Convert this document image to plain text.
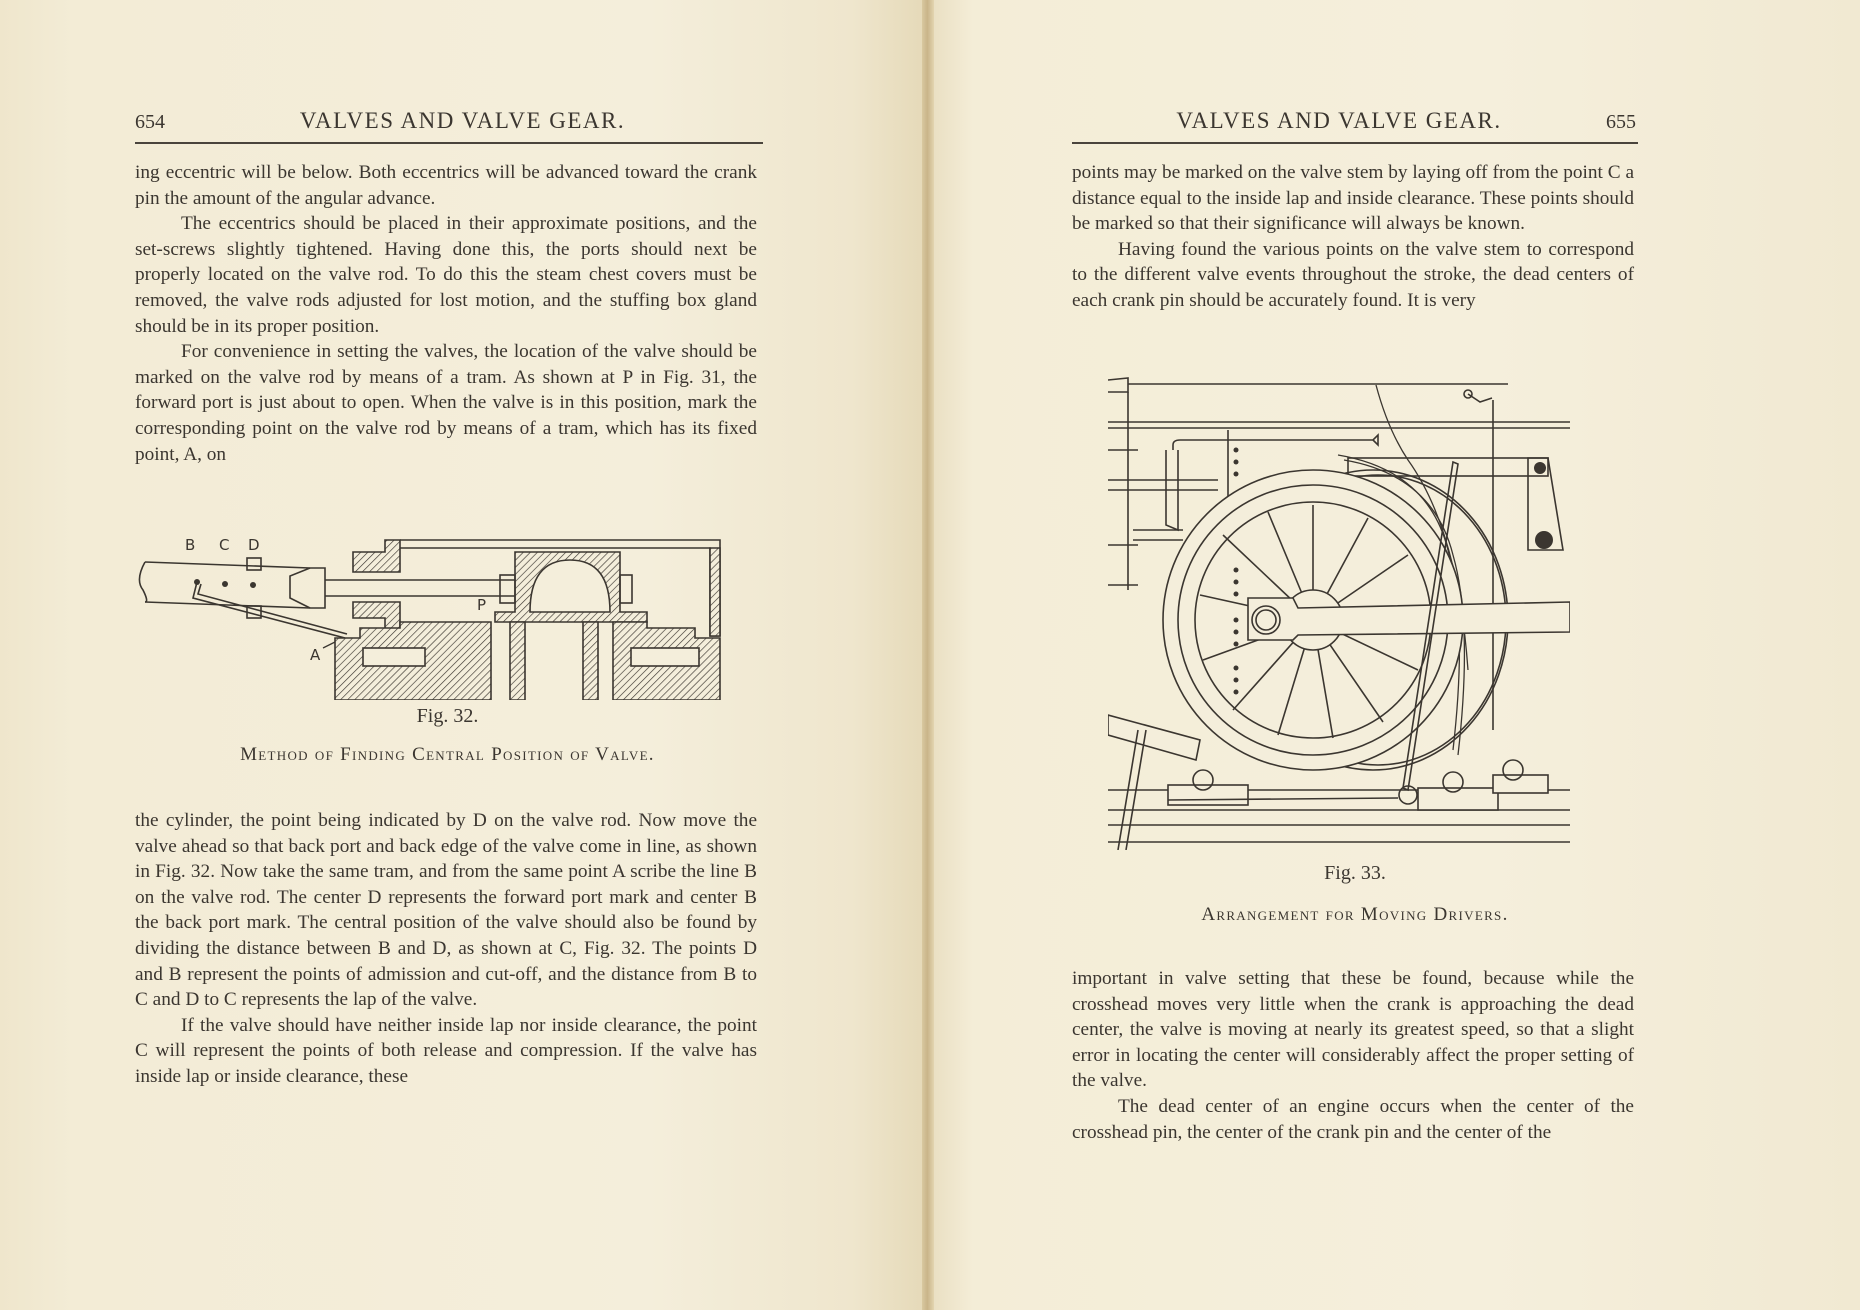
654	VALVES AND VALVE GEAR.

ing eccentric will be below. Both eccentrics will be advanced toward the crank pin the amount of the angular advance.

The eccentrics should be placed in their approximate positions, and the set-screws slightly tightened. Having done this, the ports should next be properly located on the valve rod. To do this the steam chest covers must be removed, the valve rods adjusted for lost motion, and the stuffing box gland should be in its proper position.

For convenience in setting the valves, the location of the valve should be marked on the valve rod by means of a tram. As shown at P in Fig. 31, the forward port is just about to open. When the valve is in this position, mark the corresponding point on the valve rod by means of a tram, which has its fixed point, A, on

B C D
A
P
Fig. 32.
Method of Finding Central Position of Valve.

the cylinder, the point being indicated by D on the valve rod. Now move the valve ahead so that back port and back edge of the valve come in line, as shown in Fig. 32. Now take the same tram, and from the same point A scribe the line B on the valve rod. The center D represents the forward port mark and center B the back port mark. The central position of the valve should also be found by dividing the distance between B and D, as shown at C, Fig. 32. The points D and B represent the points of admission and cut-off, and the distance from B to C and D to C represents the lap of the valve.

If the valve should have neither inside lap nor inside clearance, the point C will represent the points of both release and compression. If the valve has inside lap or inside clearance, these

VALVES AND VALVE GEAR.	655

points may be marked on the valve stem by laying off from the point C a distance equal to the inside lap and inside clearance. These points should be marked so that their significance will always be known.

Having found the various points on the valve stem to correspond to the different valve events throughout the stroke, the dead centers of each crank pin should be accurately found. It is very

Fig. 33.
Arrangement for Moving Drivers.

important in valve setting that these be found, because while the crosshead moves very little when the crank is approaching the dead center, the valve is moving at nearly its greatest speed, so that a slight error in locating the center will considerably affect the proper setting of the valve.

The dead center of an engine occurs when the center of the crosshead pin, the center of the crank pin and the center of the
